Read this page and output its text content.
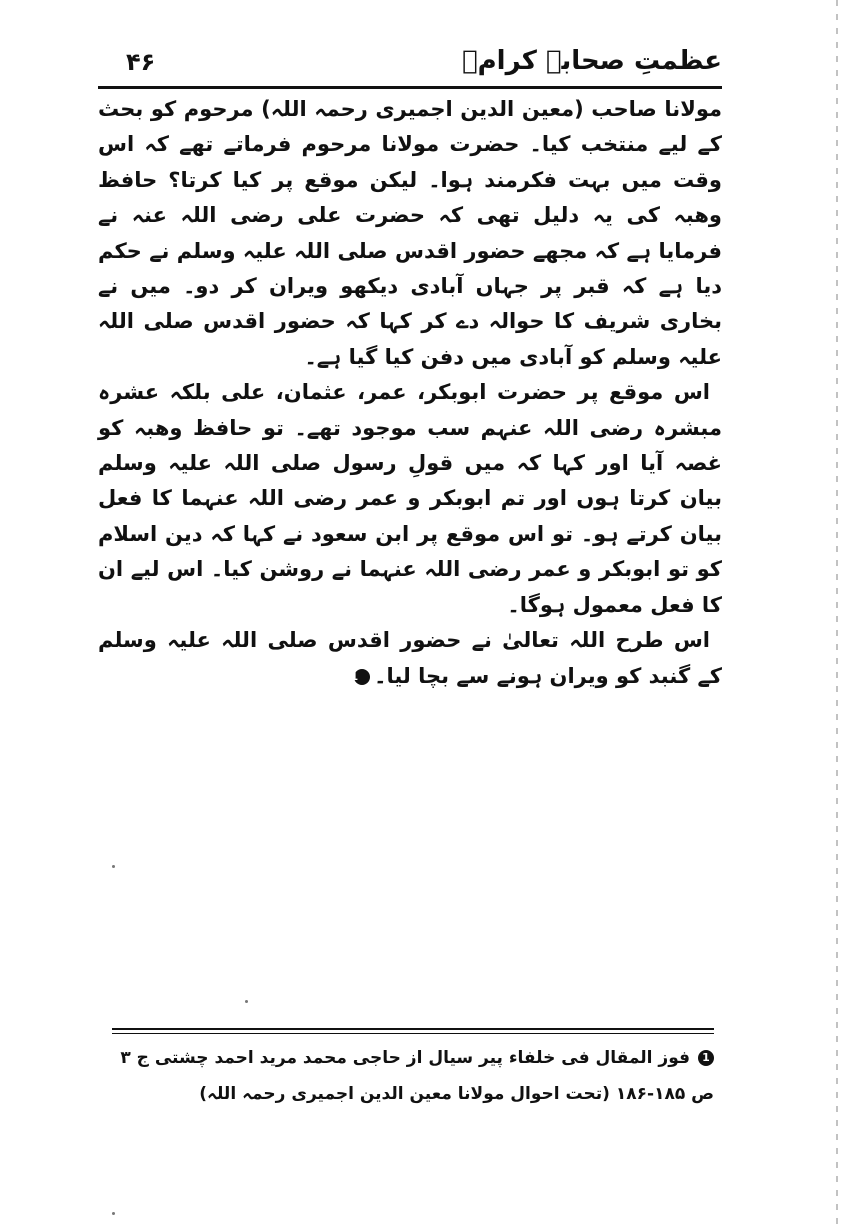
۴۶	عظمتِ صحابہ کرامؓ

مولانا صاحب (معین الدین اجمیری رحمہ اللہ) مرحوم کو بحث کے لیے منتخب کیا۔ حضرت مولانا مرحوم فرماتے تھے کہ اس وقت میں بہت فکرمند ہوا۔ لیکن موقع پر کیا کرتا؟ حافظ وھبہ کی یہ دلیل تھی کہ حضرت علی رضی اللہ عنہ نے فرمایا ہے کہ مجھے حضور اقدس صلی اللہ علیہ وسلم نے حکم دیا ہے کہ قبر پر جہاں آبادی دیکھو ویران کر دو۔ میں نے بخاری شریف کا حوالہ دے کر کہا کہ حضور اقدس صلی اللہ علیہ وسلم کو آبادی میں دفن کیا گیا ہے۔

اس موقع پر حضرت ابوبکر، عمر، عثمان، علی بلکہ عشرہ مبشرہ رضی اللہ عنہم سب موجود تھے۔ تو حافظ وھبہ کو غصہ آیا اور کہا کہ میں قولِ رسول صلی اللہ علیہ وسلم بیان کرتا ہوں اور تم ابوبکر و عمر رضی اللہ عنہما کا فعل بیان کرتے ہو۔ تو اس موقع پر ابن سعود نے کہا کہ دین اسلام کو تو ابوبکر و عمر رضی اللہ عنہما نے روشن کیا۔ اس لیے ان کا فعل معمول ہوگا۔

اس طرح اللہ تعالیٰ نے حضور اقدس صلی اللہ علیہ وسلم کے گنبد کو ویران ہونے سے بچا لیا۔1

1فوز المقال فی خلفاء پیر سیال از حاجی محمد مرید احمد چشتی ج ۳ ص ۱۸۵-۱۸۶ (تحت احوال مولانا معین الدین اجمیری رحمہ اللہ)
